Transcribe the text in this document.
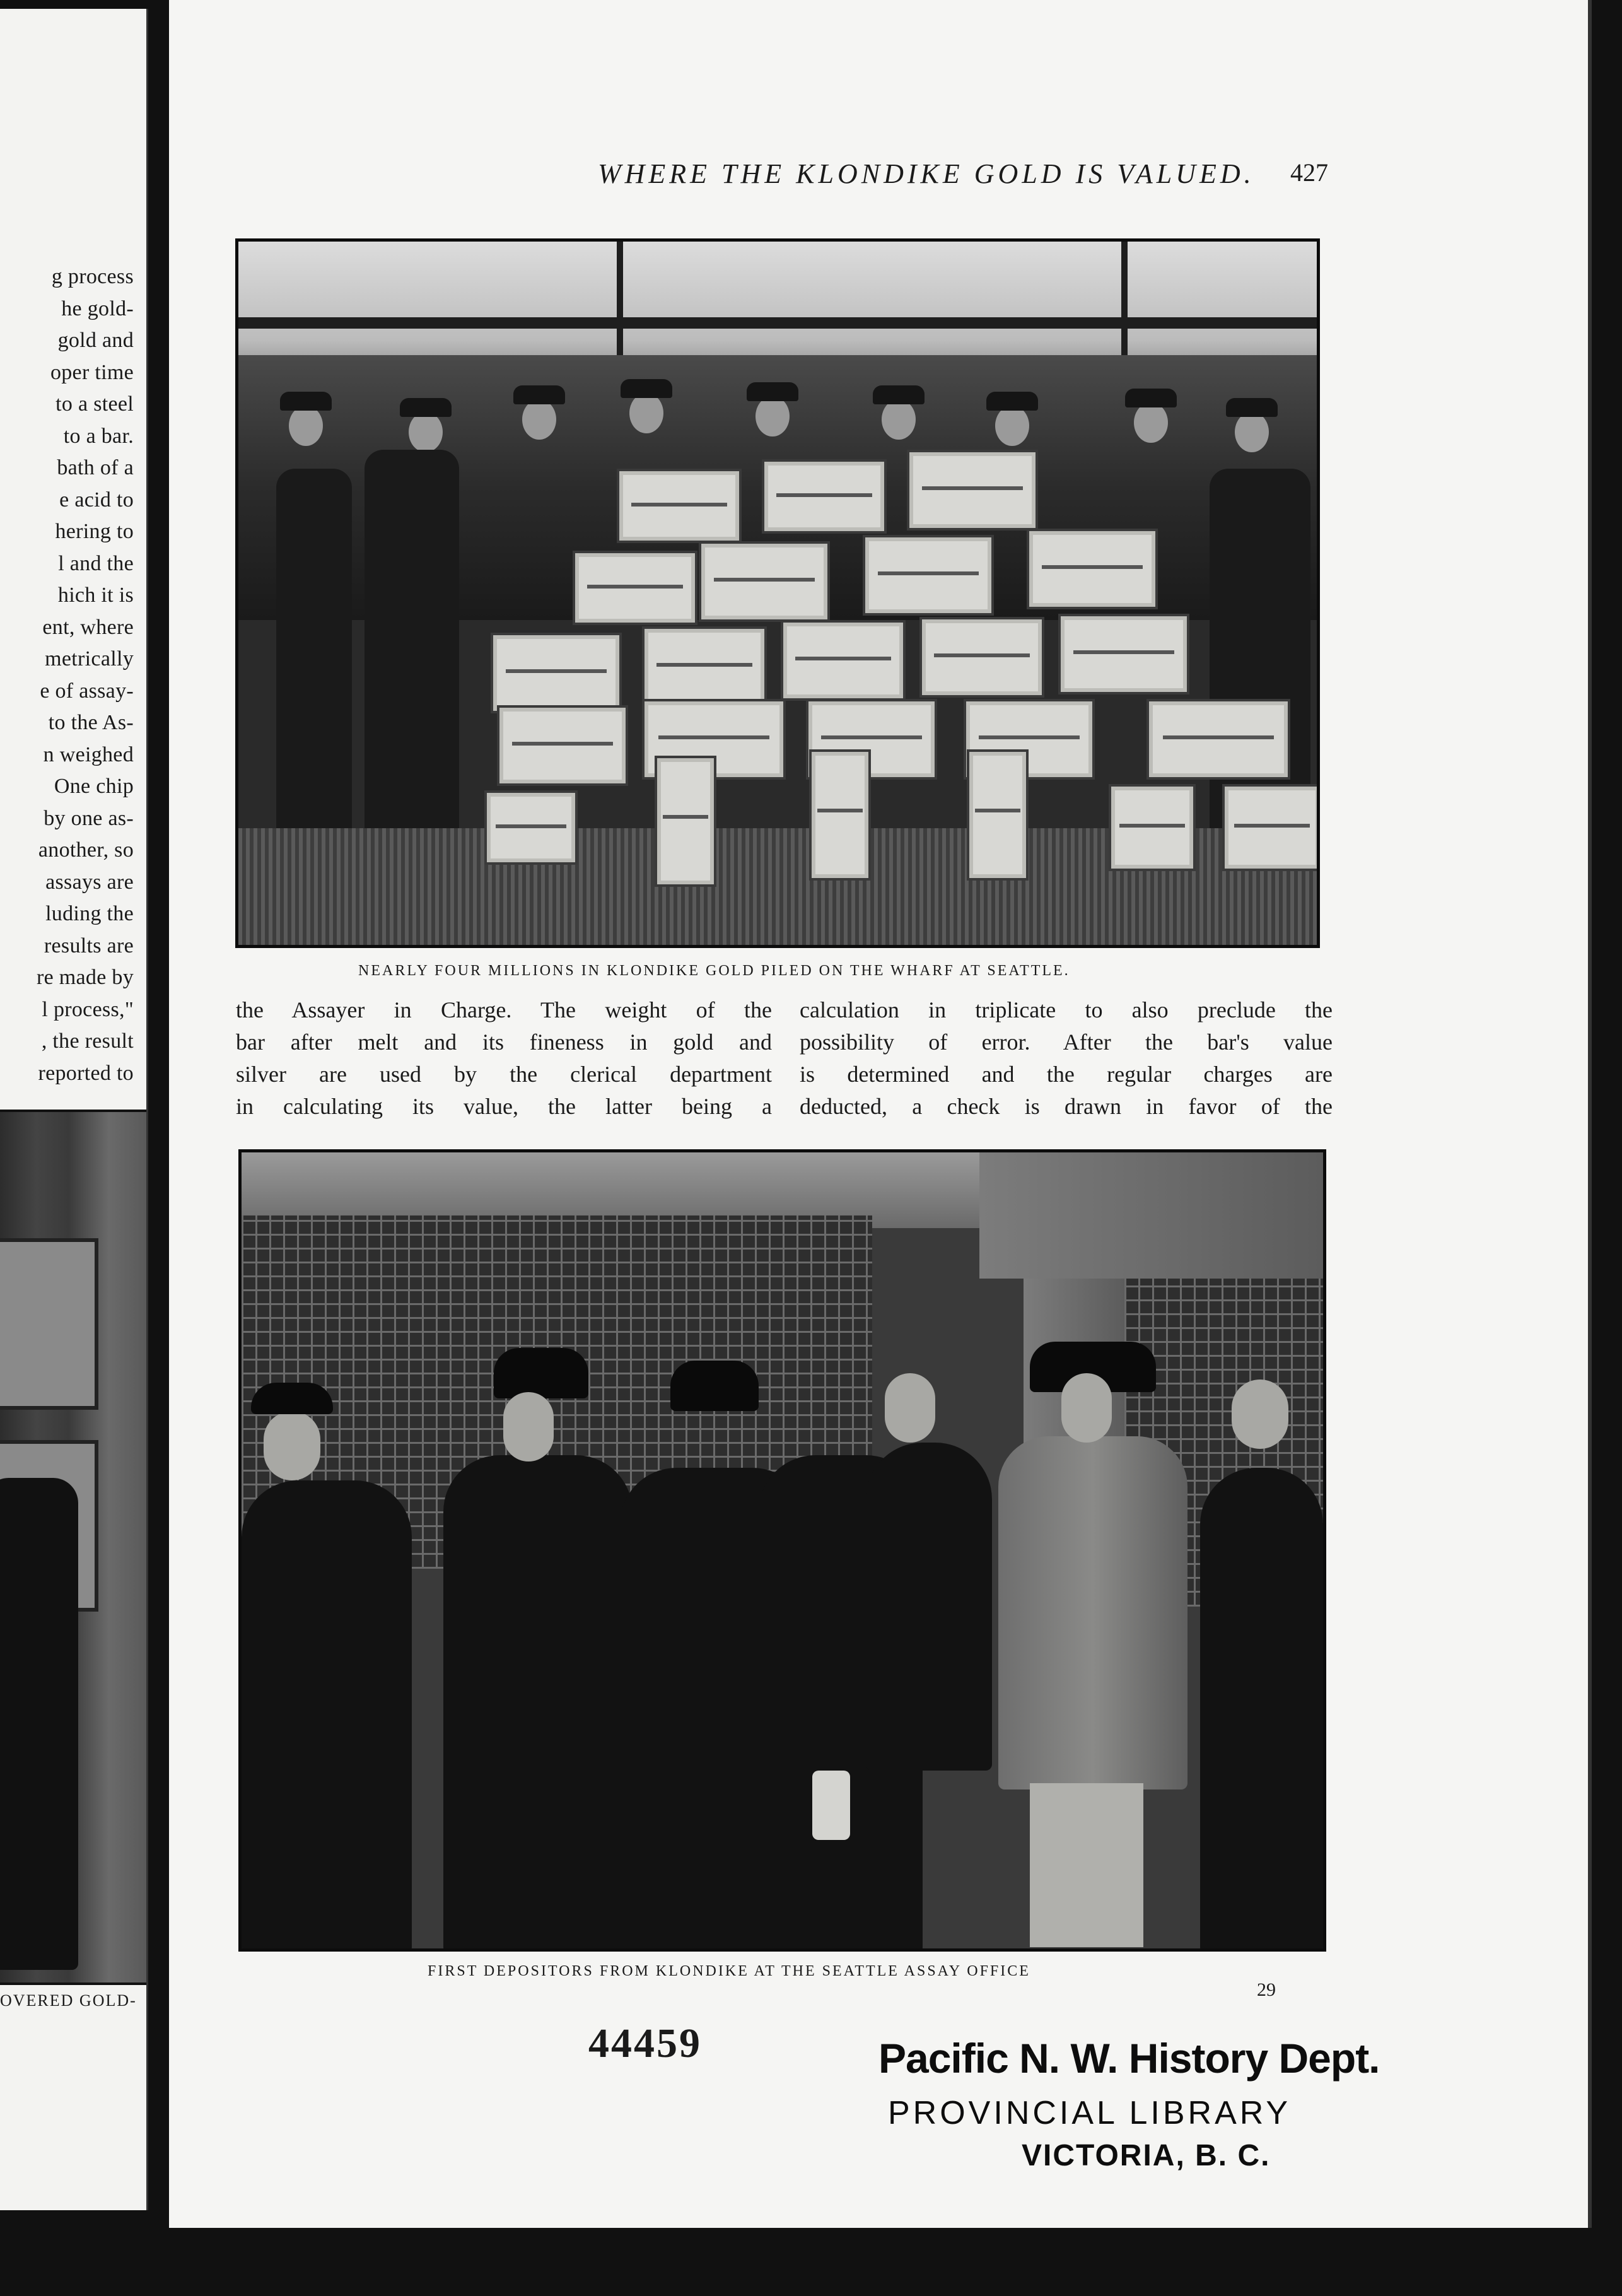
g process
he gold-
gold and
oper time
to a steel
to a bar.
bath of a
e acid to
hering to
l and the
hich it is
ent, where
metrically
e of assay-
to the As-
n weighed
One chip
by one as-
another, so
assays are
luding the
results are
re made by
l process,"
, the result
reported to
OVERED GOLD-
WHERE THE KLONDIKE GOLD IS VALUED. 427
NEARLY FOUR MILLIONS IN KLONDIKE GOLD PILED ON THE WHARF AT SEATTLE.
the Assayer in Charge. The weight of the
bar after melt and its fineness in gold and
silver are used by the clerical department
in calculating its value, the latter being a
calculation in triplicate to also preclude the
possibility of error. After the bar's value
is determined and the regular charges are
deducted, a check is drawn in favor of the
FIRST DEPOSITORS FROM KLONDIKE AT THE SEATTLE ASSAY OFFICE
29
44459	Pacific N. W. History Dept.
PROVINCIAL LIBRARY
VICTORIA, B. C.
